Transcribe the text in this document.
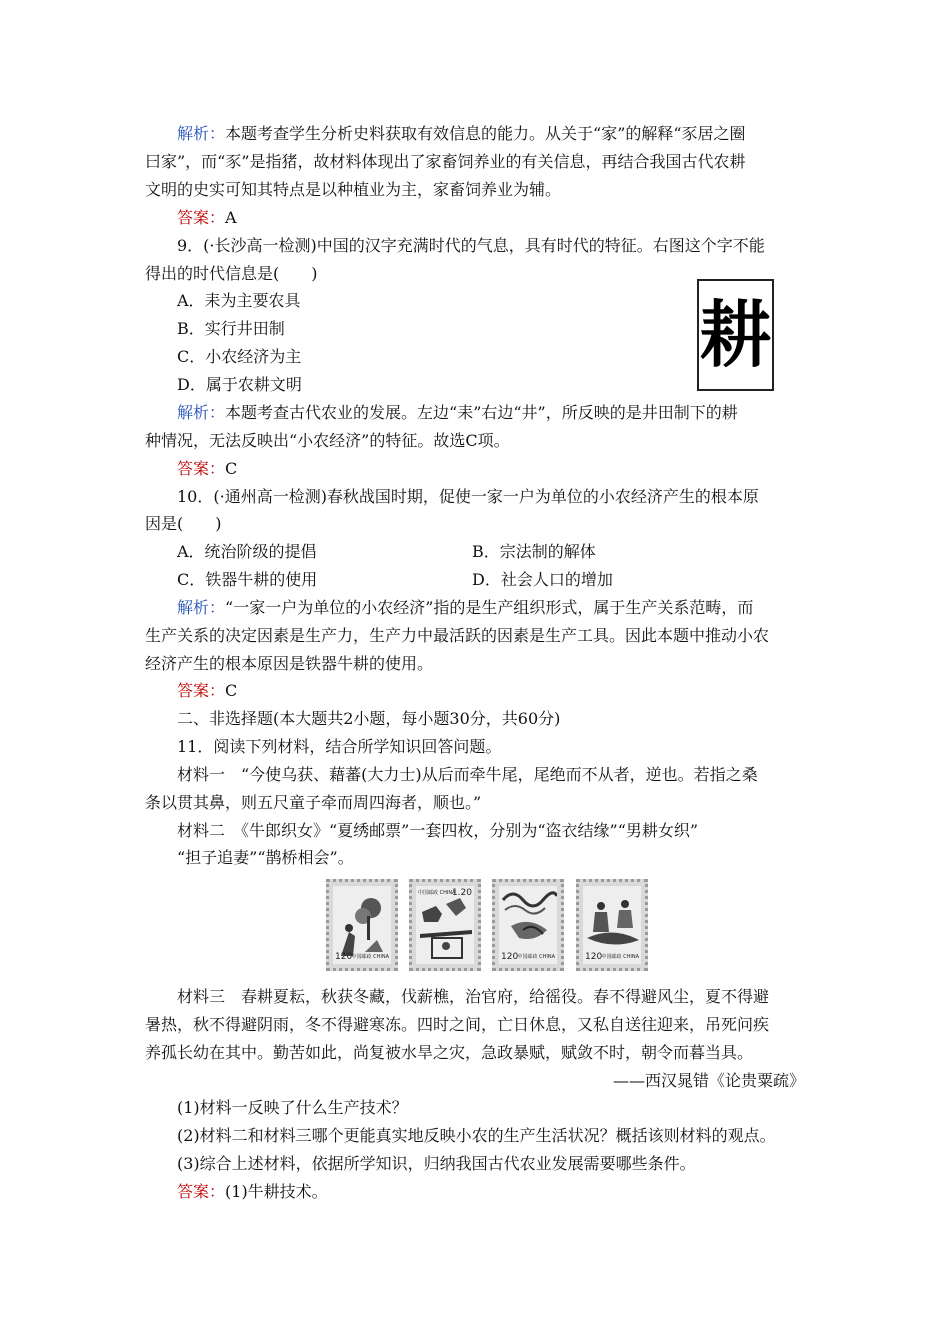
解析：本题考查学生分析史料获取有效信息的能力。从关于“家”的解释“豕居之圈
曰家”，而“豕”是指猪，故材料体现出了家畜饲养业的有关信息，再结合我国古代农耕
文明的史实可知其特点是以种植业为主，家畜饲养业为辅。
答案：A
9．(·长沙高一检测)中国的汉字充满时代的气息，具有时代的特征。右图这个字不能
得出的时代信息是(　　)
A．耒为主要农具
B．实行井田制
C．小农经济为主
D．属于农耕文明
耕
解析：本题考查古代农业的发展。左边“耒”右边“井”，所反映的是井田制下的耕
种情况，无法反映出“小农经济”的特征。故选C项。
答案：C
10．(·通州高一检测)春秋战国时期，促使一家一户为单位的小农经济产生的根本原
因是(　　)
A．统治阶级的提倡	B．宗法制的解体
C．铁器牛耕的使用	D．社会人口的增加
解析：“一家一户为单位的小农经济”指的是生产组织形式，属于生产关系范畴，而
生产关系的决定因素是生产力，生产力中最活跃的因素是生产工具。因此本题中推动小农
经济产生的根本原因是铁器牛耕的使用。
答案：C
二、非选择题(本大题共2小题，每小题30分，共60分)
11．阅读下列材料，结合所学知识回答问题。
材料一　“今使乌获、藉蕃(大力士)从后而牵牛尾，尾绝而不从者，逆也。若指之桑
条以贯其鼻，则五尺童子牵而周四海者，顺也。”
材料二　《牛郎织女》“夏绣邮票”一套四枚，分别为“盗衣结缘”“男耕女织”
“担子追妻”“鹊桥相会”。
120 中国邮政 CHINA
1.20
中国邮政 CHINA
120 中国邮政 CHINA	120 中国邮政 CHINA
材料三　春耕夏耘，秋获冬藏，伐薪樵，治官府，给徭役。春不得避风尘，夏不得避
暑热，秋不得避阴雨，冬不得避寒冻。四时之间，亡日休息，又私自送往迎来，吊死问疾
养孤长幼在其中。勤苦如此，尚复被水旱之灾，急政暴赋，赋敛不时，朝令而暮当具。
——西汉晁错《论贵粟疏》
(1)材料一反映了什么生产技术？
(2)材料二和材料三哪个更能真实地反映小农的生产生活状况？概括该则材料的观点。
(3)综合上述材料，依据所学知识，归纳我国古代农业发展需要哪些条件。
答案：(1)牛耕技术。
